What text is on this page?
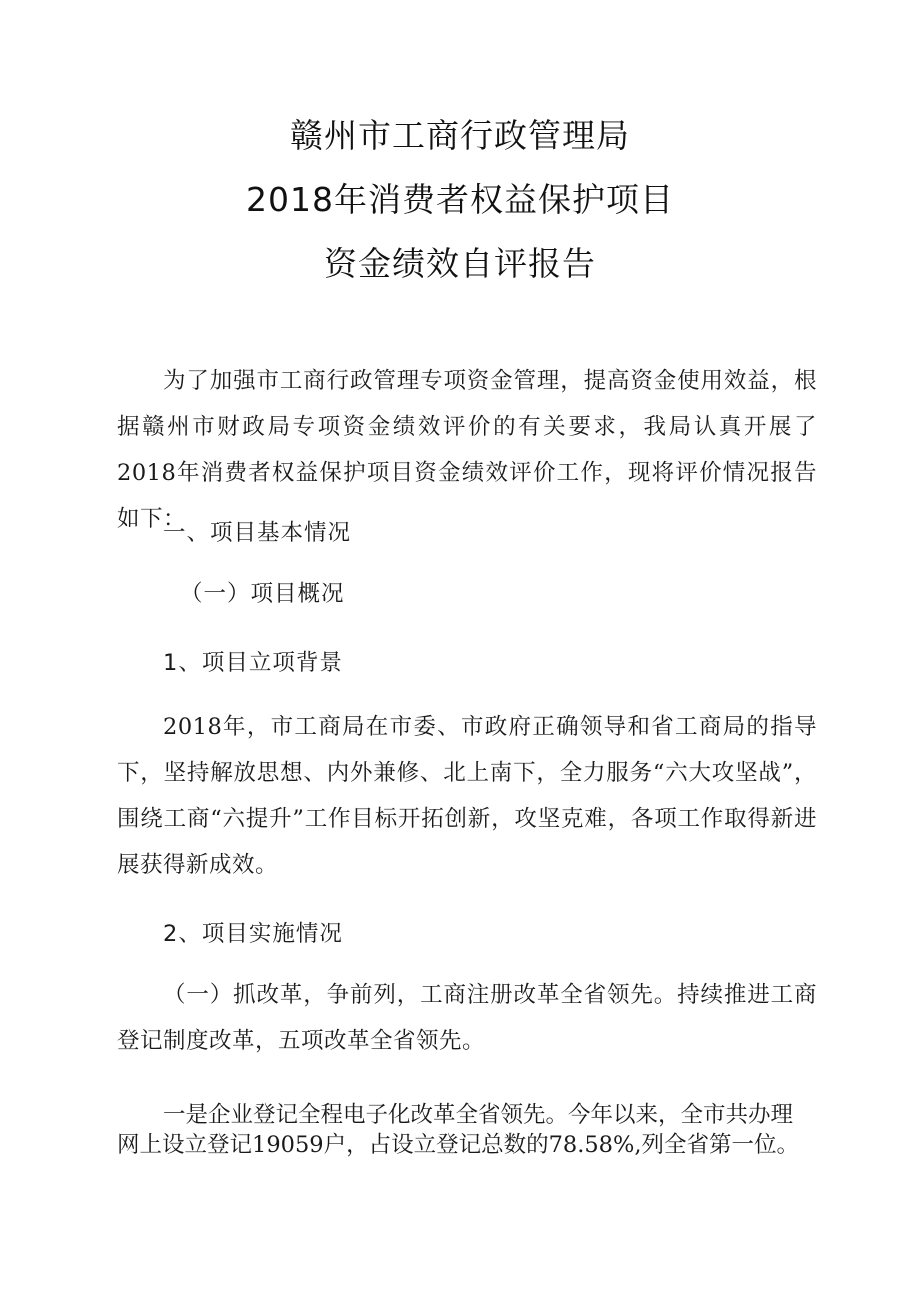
赣州市工商行政管理局
2018年消费者权益保护项目
资金绩效自评报告
为了加强市工商行政管理专项资金管理，提高资金使用效益，根据赣州市财政局专项资金绩效评价的有关要求，我局认真开展了2018年消费者权益保护项目资金绩效评价工作，现将评价情况报告如下：
一、项目基本情况
（一）项目概况
1、项目立项背景
2018年，市工商局在市委、市政府正确领导和省工商局的指导下，坚持解放思想、内外兼修、北上南下，全力服务“六大攻坚战”，围绕工商“六提升”工作目标开拓创新，攻坚克难，各项工作取得新进展获得新成效。
2、项目实施情况
（一）抓改革，争前列，工商注册改革全省领先。持续推进工商登记制度改革，五项改革全省领先。
一是企业登记全程电子化改革全省领先。今年以来，全市共办理
网上设立登记19059户，占设立登记总数的78.58%,列全省第一位。
